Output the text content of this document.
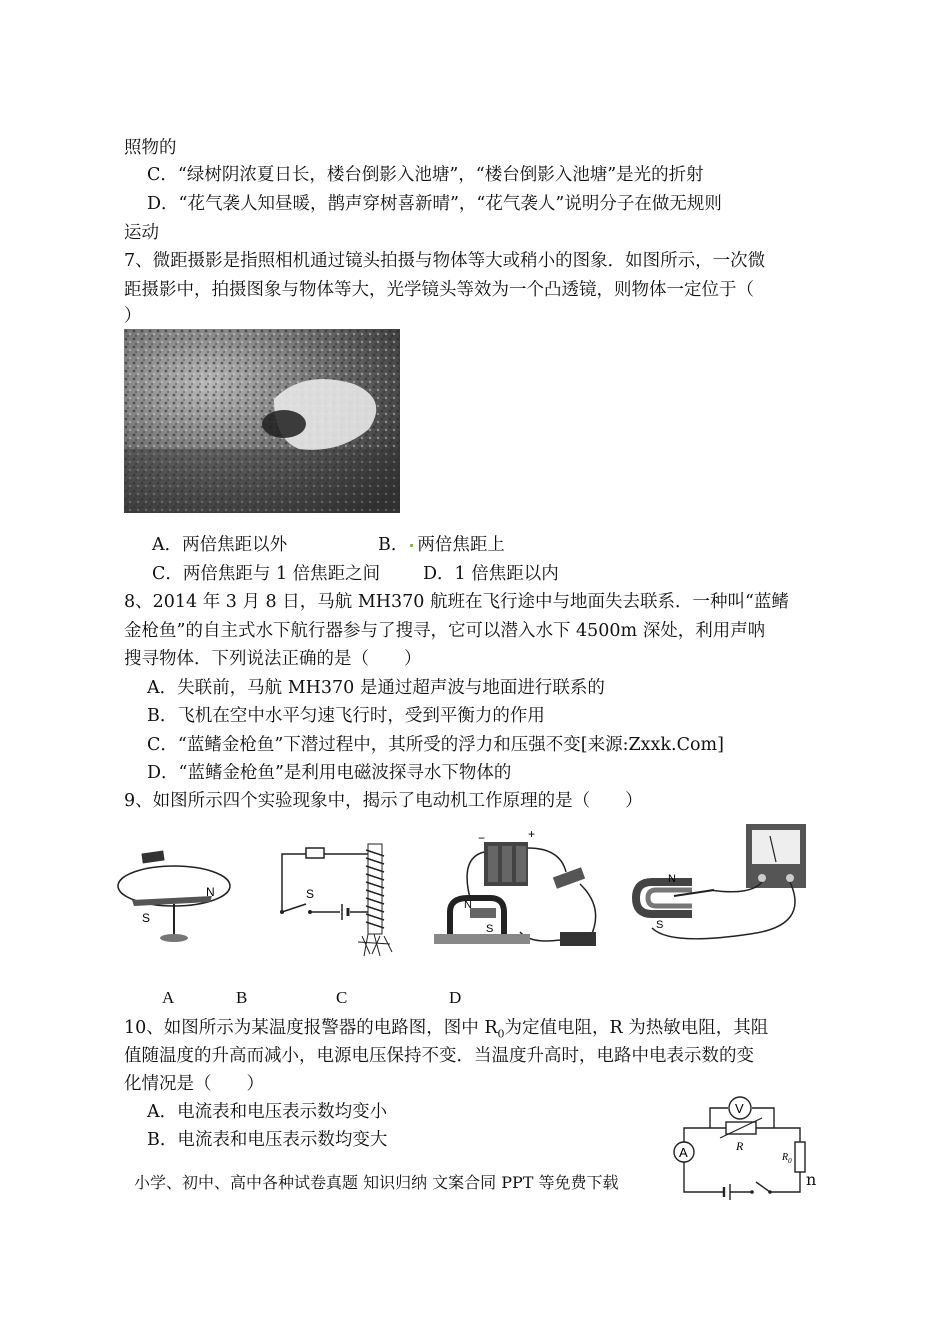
照物的
C．“绿树阴浓夏日长，楼台倒影入池塘”，“楼台倒影入池塘”是光的折射
D．“花气袭人知昼暖，鹊声穿树喜新晴”，“花气袭人”说明分子在做无规则
运动
7、微距摄影是指照相机通过镜头拍摄与物体等大或稍小的图象．如图所示，一次微
距摄影中，拍摄图象与物体等大，光学镜头等效为一个凸透镜，则物体一定位于（
）
A．两倍焦距以外	B． 两倍焦距上
C．两倍焦距与 1 倍焦距之间 D．1 倍焦距以内
8、2014 年 3 月 8 日，马航 MH370 航班在飞行途中与地面失去联系．一种叫“蓝鳍
金枪鱼”的自主式水下航行器参与了搜寻，它可以潜入水下 4500m 深处，利用声呐
搜寻物体．下列说法正确的是（　　）
A．失联前，马航 MH370 是通过超声波与地面进行联系的
B．飞机在空中水平匀速飞行时，受到平衡力的作用
C．“蓝鳍金枪鱼”下潜过程中，其所受的浮力和压强不变[来源:Zxxk.Com]
D．“蓝鳍金枪鱼”是利用电磁波探寻水下物体的
9、如图所示四个实验现象中，揭示了电动机工作原理的是（　　）
S
N	S
+
−
N
S
N
S
A	B	C	D
10、如图所示为某温度报警器的电路图，图中 $R_0$为定值电阻，R 为热敏电阻，其阻
值随温度的升高而减小，电源电压保持不变．当温度升高时，电路中电表示数的变
化情况是（　　）
A．电流表和电压表示数均变小
B．电流表和电压表示数均变大
V
R
$R_0$
A
小学、初中、高中各种试卷真题 知识归纳 文案合同 PPT 等免费下载	n
